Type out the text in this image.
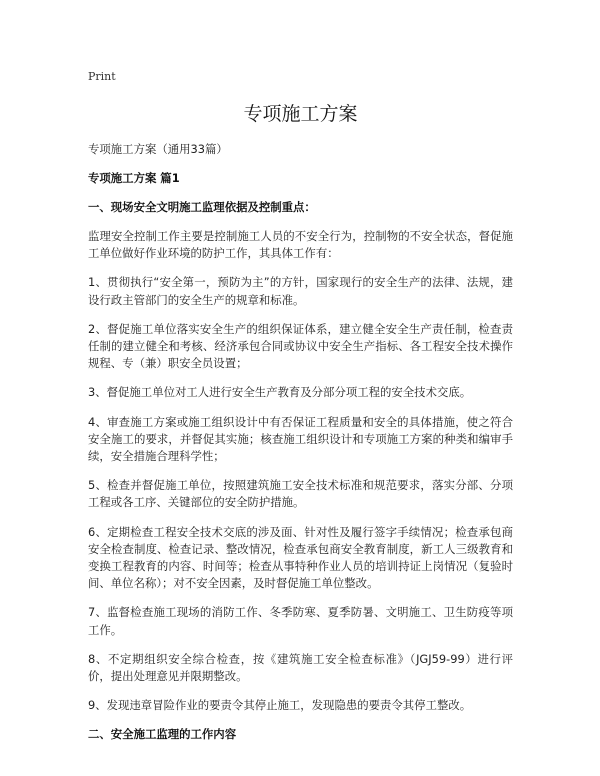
Print
专项施工方案

专项施工方案（通用33篇）

专项施工方案 篇1

一、现场安全文明施工监理依据及控制重点：

监理安全控制工作主要是控制施工人员的不安全行为，控制物的不安全状态，督促施工单位做好作业环境的防护工作，其具体工作有：

1、贯彻执行“安全第一，预防为主”的方针，国家现行的安全生产的法律、法规，建设行政主管部门的安全生产的规章和标准。

2、督促施工单位落实安全生产的组织保证体系，建立健全安全生产责任制，检查责任制的建立健全和考核、经济承包合同或协议中安全生产指标、各工程安全技术操作规程、专（兼）职安全员设置；

3、督促施工单位对工人进行安全生产教育及分部分项工程的安全技术交底。

4、审查施工方案或施工组织设计中有否保证工程质量和安全的具体措施，使之符合安全施工的要求，并督促其实施；核查施工组织设计和专项施工方案的种类和编审手续，安全措施合理科学性；

5、检查并督促施工单位，按照建筑施工安全技术标准和规范要求，落实分部、分项工程或各工序、关键部位的安全防护措施。

6、定期检查工程安全技术交底的涉及面、针对性及履行签字手续情况；检查承包商安全检查制度、检查记录、整改情况，检查承包商安全教育制度，新工人三级教育和变换工程教育的内容、时间等；检查从事特种作业人员的培训持证上岗情况（复验时间、单位名称）；对不安全因素，及时督促施工单位整改。

7、监督检查施工现场的消防工作、冬季防寒、夏季防暑、文明施工、卫生防疫等项工作。

8、不定期组织安全综合检查，按《建筑施工安全检查标准》（JGJ59-99）进行评价，提出处理意见并限期整改。

9、发现违章冒险作业的要责令其停止施工，发现隐患的要责令其停工整改。

二、安全施工监理的工作内容
